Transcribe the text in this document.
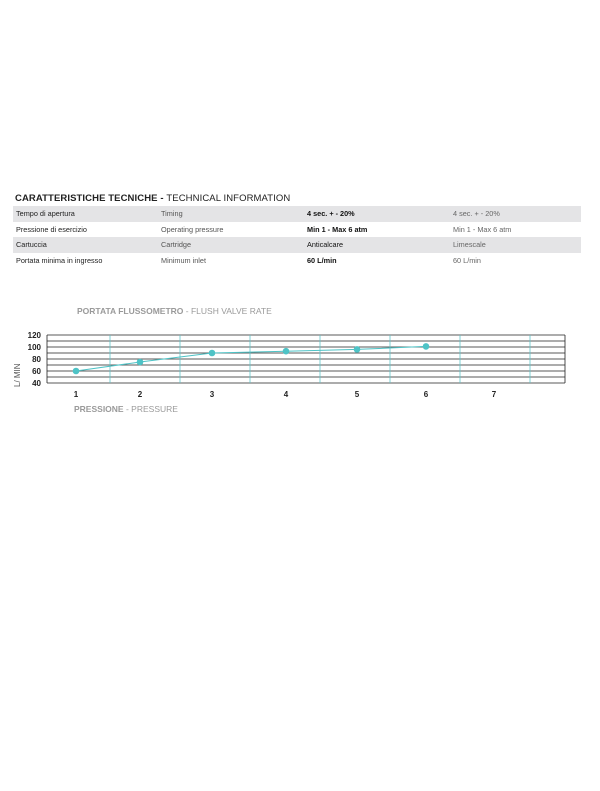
CARATTERISTICHE TECNICHE - TECHNICAL INFORMATION
Tempo di apertura	Timing	4 sec. + - 20%	4 sec. + - 20%
Pressione di esercizio	Operating pressure	Min 1 - Max 6 atm	Min 1 - Max 6 atm
Cartuccia	Cartridge	Anticalcare	Limescale
Portata minima in ingresso	Minimum inlet	60 L/min	60 L/min
PORTATA FLUSSOMETRO - FLUSH VALVE RATE
40
60
80
100
120
1	2	3	4	5	6	7
L/ MIN
PRESSIONE - PRESSURE
